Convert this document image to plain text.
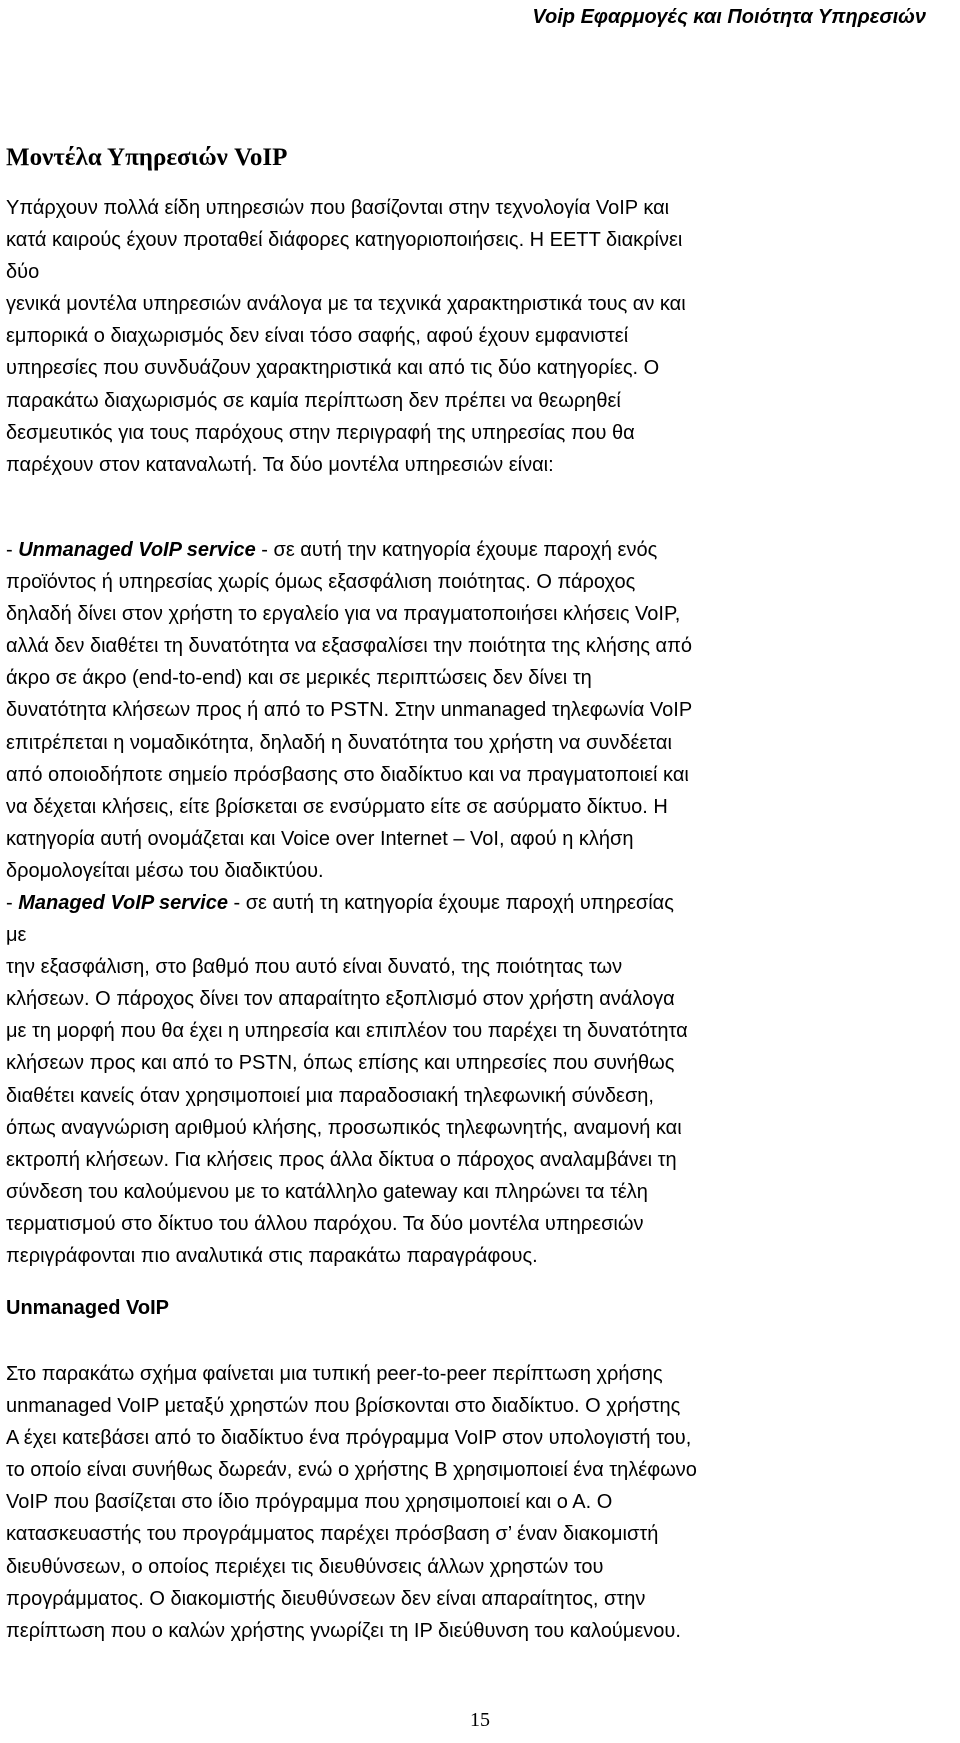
Voip Εφαρμογές και Ποιότητα Υπηρεσιών
Μοντέλα Υπηρεσιών VoIP
Υπάρχουν πολλά είδη υπηρεσιών που βασίζονται στην τεχνολογία VoIP και
κατά καιρούς έχουν προταθεί διάφορες κατηγοριοποιήσεις. Η ΕΕΤΤ διακρίνει
δύο
γενικά μοντέλα υπηρεσιών ανάλογα με τα τεχνικά χαρακτηριστικά τους αν και
εμπορικά ο διαχωρισμός δεν είναι τόσο σαφής, αφού έχουν εμφανιστεί
υπηρεσίες που συνδυάζουν χαρακτηριστικά και από τις δύο κατηγορίες. Ο
παρακάτω διαχωρισμός σε καμία περίπτωση δεν πρέπει να θεωρηθεί
δεσμευτικός για τους παρόχους στην περιγραφή της υπηρεσίας που θα
παρέχουν στον καταναλωτή. Τα δύο μοντέλα υπηρεσιών είναι:
- Unmanaged VoIP service - σε αυτή την κατηγορία έχουμε παροχή ενός
προϊόντος ή υπηρεσίας χωρίς όμως εξασφάλιση ποιότητας. Ο πάροχος
δηλαδή δίνει στον χρήστη το εργαλείο για να πραγματοποιήσει κλήσεις VoIP,
αλλά δεν διαθέτει τη δυνατότητα να εξασφαλίσει την ποιότητα της κλήσης από
άκρο σε άκρο (end-to-end) και σε μερικές περιπτώσεις δεν δίνει τη
δυνατότητα κλήσεων προς ή από το PSTN. Στην unmanaged τηλεφωνία VoIP
επιτρέπεται η νομαδικότητα, δηλαδή η δυνατότητα του χρήστη να συνδέεται
από οποιοδήποτε σημείο πρόσβασης στο διαδίκτυο και να πραγματοποιεί και
να δέχεται κλήσεις, είτε βρίσκεται σε ενσύρματο είτε σε ασύρματο δίκτυο. Η
κατηγορία αυτή ονομάζεται και Voice over Internet – VoI, αφού η κλήση
δρομολογείται μέσω του διαδικτύου.
- Managed VoIP service - σε αυτή τη κατηγορία έχουμε παροχή υπηρεσίας
με
την εξασφάλιση, στο βαθμό που αυτό είναι δυνατό, της ποιότητας των
κλήσεων. Ο πάροχος δίνει τον απαραίτητο εξοπλισμό στον χρήστη ανάλογα
με τη μορφή που θα έχει η υπηρεσία και επιπλέον του παρέχει τη δυνατότητα
κλήσεων προς και από το PSTN, όπως επίσης και υπηρεσίες που συνήθως
διαθέτει κανείς όταν χρησιμοποιεί μια παραδοσιακή τηλεφωνική σύνδεση,
όπως αναγνώριση αριθμού κλήσης, προσωπικός τηλεφωνητής, αναμονή και
εκτροπή κλήσεων. Για κλήσεις προς άλλα δίκτυα ο πάροχος αναλαμβάνει τη
σύνδεση του καλούμενου με το κατάλληλο gateway και πληρώνει τα τέλη
τερματισμού στο δίκτυο του άλλου παρόχου. Τα δύο μοντέλα υπηρεσιών
περιγράφονται πιο αναλυτικά στις παρακάτω παραγράφους.
Unmanaged VoIP
Στο παρακάτω σχήμα φαίνεται μια τυπική peer-to-peer περίπτωση χρήσης
unmanaged VoIP μεταξύ χρηστών που βρίσκονται στο διαδίκτυο. Ο χρήστης
Α έχει κατεβάσει από το διαδίκτυο ένα πρόγραμμα VoIP στον υπολογιστή του,
το οποίο είναι συνήθως δωρεάν, ενώ ο χρήστης Β χρησιμοποιεί ένα τηλέφωνο
VoIP που βασίζεται στο ίδιο πρόγραμμα που χρησιμοποιεί και ο Α. Ο
κατασκευαστής του προγράμματος παρέχει πρόσβαση σ’ έναν διακομιστή
διευθύνσεων, ο οποίος περιέχει τις διευθύνσεις άλλων χρηστών του
προγράμματος. Ο διακομιστής διευθύνσεων δεν είναι απαραίτητος, στην
περίπτωση που ο καλών χρήστης γνωρίζει τη IP διεύθυνση του καλούμενου.
15
